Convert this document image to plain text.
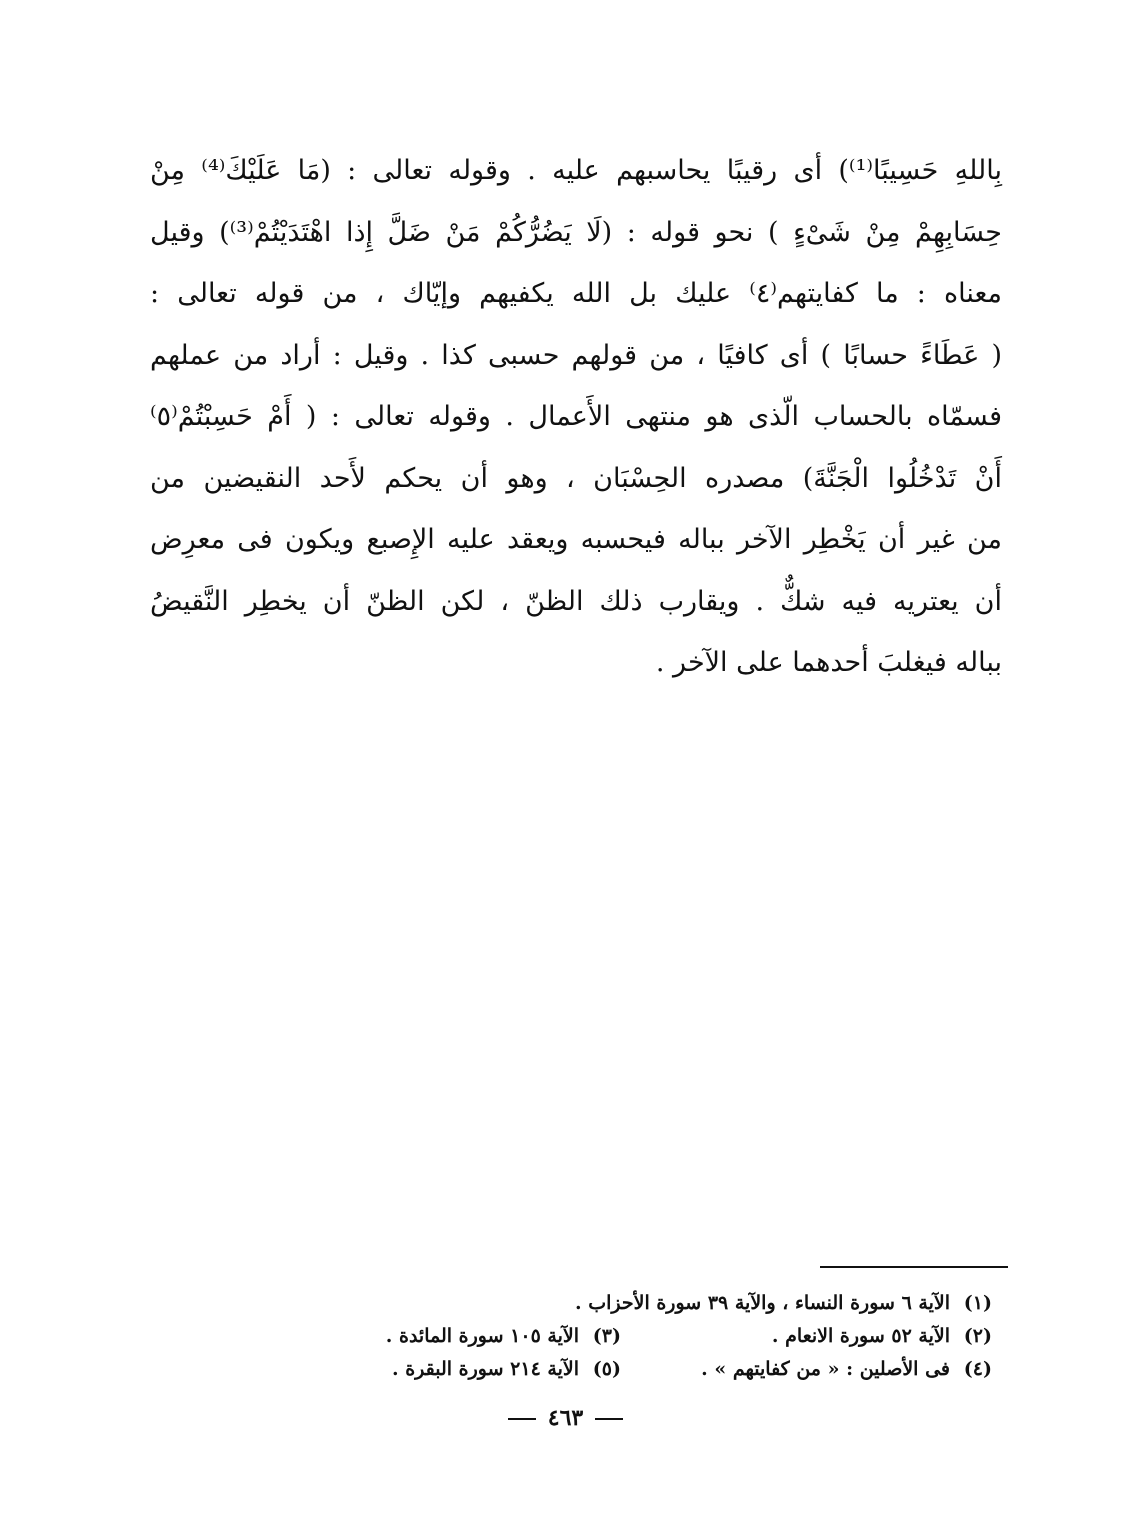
بِاللهِ حَسِيبًا⁽¹⁾) أى رقيبًا يحاسبهم عليه . وقوله تعالى : (مَا عَلَيْكَ⁽⁴⁾ مِنْ
حِسَابِهِمْ مِنْ شَىْءٍ ) نحو قوله : (لَا يَضُرُّكُمْ مَنْ ضَلَّ إِذا اهْتَدَيْتُمْ⁽³⁾) وقيل
معناه : ما كفايتهم⁽٤⁾ عليك بل الله يكفيهم وإيّاك ، من قوله تعالى :
( عَطَاءً حسابًا ) أى كافيًا ، من قولهم حسبى كذا . وقيل : أراد من عملهم
فسمّاه بالحساب الّذى هو منتهى الأَعمال . وقوله تعالى : ( أَمْ حَسِبْتُمْ⁽٥⁾
أَنْ تَدْخُلُوا الْجَنَّةَ) مصدره الحِسْبَان ، وهو أن يحكم لأَحد النقيضين من
من غير أن يَخْطِر الآخر بباله فيحسبه ويعقد عليه الإِصبع ويكون فى معرِض
أن يعتريه فيه شكٌّ . ويقارب ذلك الظنّ ، لكن الظنّ أن يخطِر النَّقيضُ
بباله فيغلبَ أحدهما على الآخر .
(١)
الآية ٦ سورة النساء ، والآية ٣٩ سورة الأحزاب .
(٢)
الآية ٥٢ سورة الانعام .
(٣)
الآية ١٠٥ سورة المائدة .
(٤)
فى الأصلين : « من كفايتهم » .
(٥)
الآية ٢١٤ سورة البقرة .
٤٦٣
